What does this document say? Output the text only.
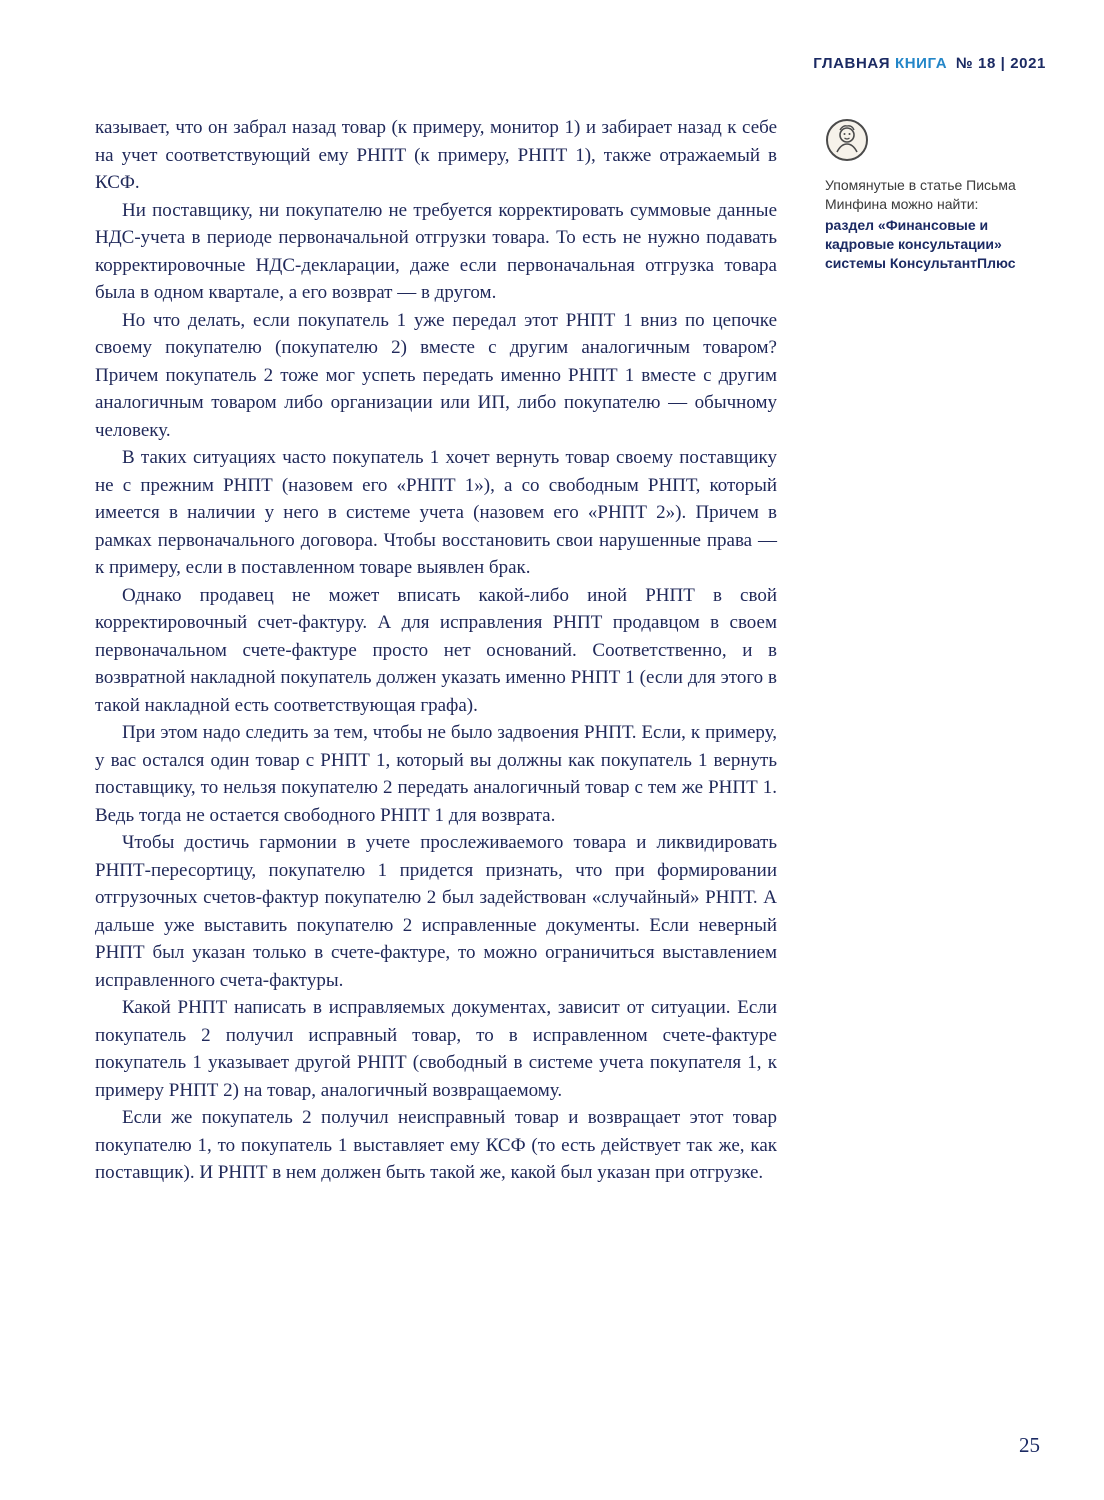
ГЛАВНАЯ КНИГА № 18 | 2021

казывает, что он забрал назад товар (к примеру, монитор 1) и забирает назад к себе на учет соответствующий ему РНПТ (к примеру, РНПТ 1), также отражаемый в КСФ.

Ни поставщику, ни покупателю не требуется корректировать суммовые данные НДС-учета в периоде первоначальной отгрузки товара. То есть не нужно подавать корректировочные НДС-декларации, даже если первоначальная отгрузка товара была в одном квартале, а его возврат — в другом.

Но что делать, если покупатель 1 уже передал этот РНПТ 1 вниз по цепочке своему покупателю (покупателю 2) вместе с другим аналогичным товаром? Причем покупатель 2 тоже мог успеть передать именно РНПТ 1 вместе с другим аналогичным товаром либо организации или ИП, либо покупателю — обычному человеку.

В таких ситуациях часто покупатель 1 хочет вернуть товар своему поставщику не с прежним РНПТ (назовем его «РНПТ 1»), а со свободным РНПТ, который имеется в наличии у него в системе учета (назовем его «РНПТ 2»). Причем в рамках первоначального договора. Чтобы восстановить свои нарушенные права — к примеру, если в поставленном товаре выявлен брак.

Однако продавец не может вписать какой-либо иной РНПТ в свой корректировочный счет-фактуру. А для исправления РНПТ продавцом в своем первоначальном счете-фактуре просто нет оснований. Соответственно, и в возвратной накладной покупатель должен указать именно РНПТ 1 (если для этого в такой накладной есть соответствующая графа).

При этом надо следить за тем, чтобы не было задвоения РНПТ. Если, к примеру, у вас остался один товар с РНПТ 1, который вы должны как покупатель 1 вернуть поставщику, то нельзя покупателю 2 передать аналогичный товар с тем же РНПТ 1. Ведь тогда не остается свободного РНПТ 1 для возврата.

Чтобы достичь гармонии в учете прослеживаемого товара и ликвидировать РНПТ-пересортицу, покупателю 1 придется признать, что при формировании отгрузочных счетов-фактур покупателю 2 был задействован «случайный» РНПТ. А дальше уже выставить покупателю 2 исправленные документы. Если неверный РНПТ был указан только в счете-фактуре, то можно ограничиться выставлением исправленного счета-фактуры.

Какой РНПТ написать в исправляемых документах, зависит от ситуации. Если покупатель 2 получил исправный товар, то в исправленном счете-фактуре покупатель 1 указывает другой РНПТ (свободный в системе учета покупателя 1, к примеру РНПТ 2) на товар, аналогичный возвращаемому.

Если же покупатель 2 получил неисправный товар и возвращает этот товар покупателю 1, то покупатель 1 выставляет ему КСФ (то есть действует так же, как поставщик). И РНПТ в нем должен быть такой же, какой был указан при отгрузке.

Упомянутые в статье Письма Минфина можно найти:

раздел «Финансовые и кадровые консультации» системы КонсультантПлюс

25
